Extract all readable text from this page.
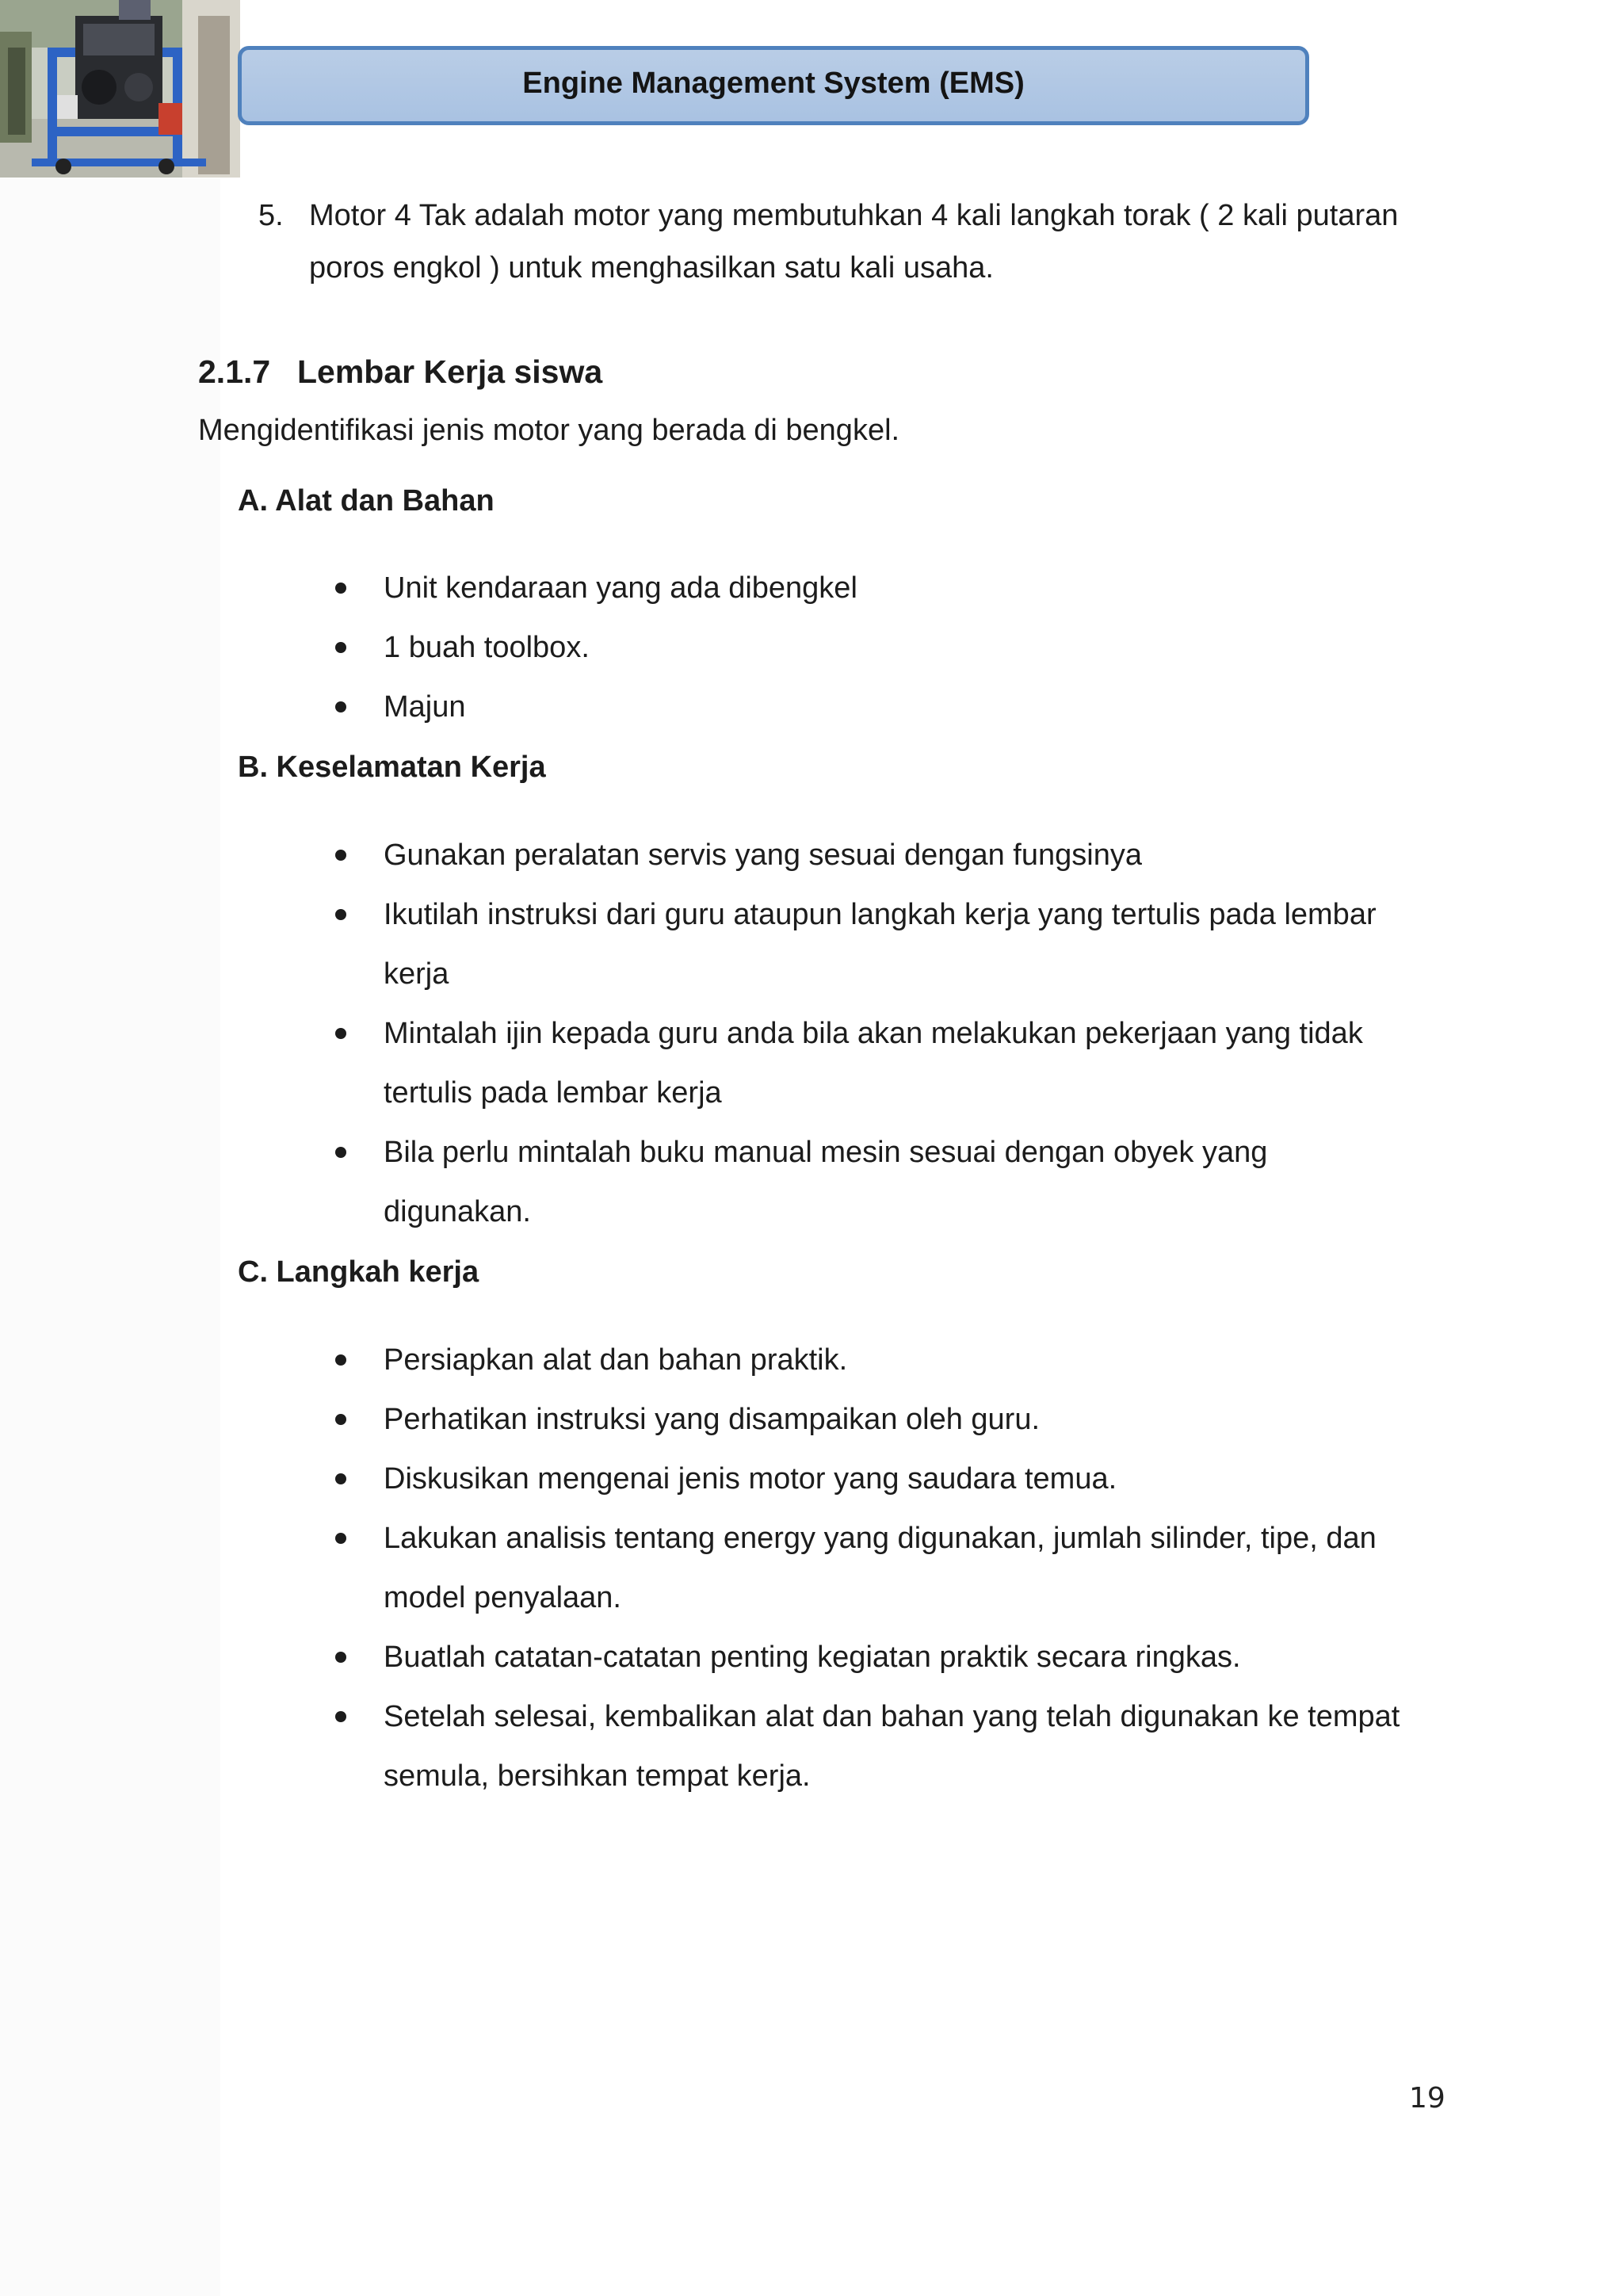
Engine Management System (EMS)
5. Motor 4 Tak adalah motor yang membutuhkan 4 kali langkah torak ( 2 kali putaran
poros engkol ) untuk menghasilkan satu kali usaha.
2.1.7 Lembar Kerja siswa
Mengidentifikasi jenis motor yang berada di bengkel.
A. Alat dan Bahan
Unit kendaraan yang ada dibengkel
1 buah toolbox.
Majun
B. Keselamatan Kerja
Gunakan peralatan servis yang sesuai dengan fungsinya
Ikutilah instruksi dari guru ataupun langkah kerja yang tertulis pada lembar
kerja
Mintalah ijin kepada guru anda bila akan melakukan pekerjaan yang tidak
tertulis pada lembar kerja
Bila perlu mintalah buku manual mesin sesuai dengan obyek yang
digunakan.
C. Langkah kerja
Persiapkan alat dan bahan praktik.
Perhatikan instruksi yang disampaikan oleh guru.
Diskusikan mengenai jenis motor yang saudara temua.
Lakukan analisis tentang energy yang digunakan, jumlah silinder, tipe, dan
model penyalaan.
Buatlah catatan-catatan penting kegiatan praktik secara ringkas.
Setelah selesai, kembalikan alat dan bahan yang telah digunakan ke tempat
semula, bersihkan tempat kerja.
19
